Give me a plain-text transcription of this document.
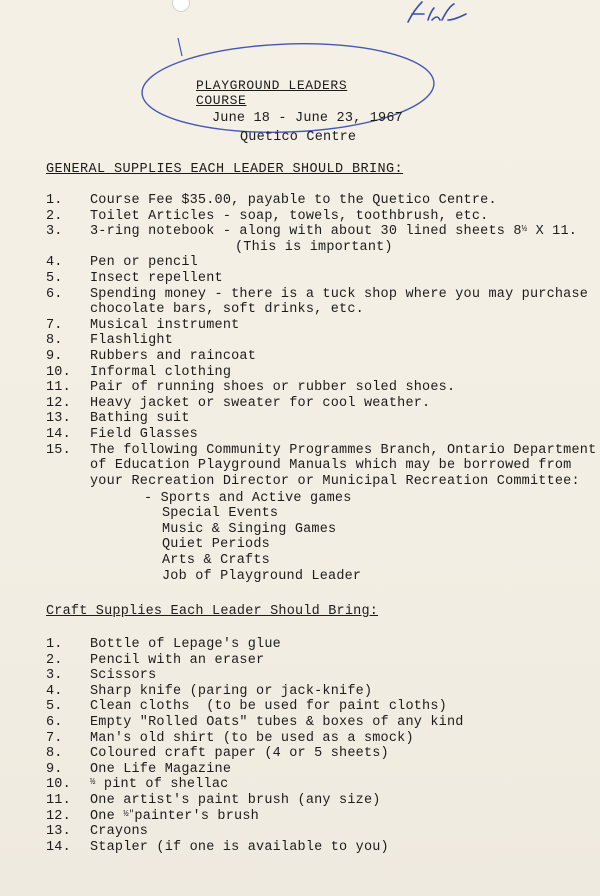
PLAYGROUND LEADERS COURSE
June 18 - June 23, 1967
Quetico Centre
GENERAL SUPPLIES EACH LEADER SHOULD BRING:
1. Course Fee $35.00, payable to the Quetico Centre.
2. Toilet Articles - soap, towels, toothbrush, etc.
3. 3-ring notebook - along with about 30 lined sheets 8½ X 11.
(This is important)
4. Pen or pencil
5. Insect repellent
6. Spending money - there is a tuck shop where you may purchase
chocolate bars, soft drinks, etc.
7. Musical instrument
8. Flashlight
9. Rubbers and raincoat
10. Informal clothing
11. Pair of running shoes or rubber soled shoes.
12. Heavy jacket or sweater for cool weather.
13. Bathing suit
14. Field Glasses
15. The following Community Programmes Branch, Ontario Department
of Education Playground Manuals which may be borrowed from
your Recreation Director or Municipal Recreation Committee:
- Sports and Active games
Special Events
Music & Singing Games
Quiet Periods
Arts & Crafts
Job of Playground Leader
Craft Supplies Each Leader Should Bring:
1. Bottle of Lepage's glue
2. Pencil with an eraser
3. Scissors
4. Sharp knife (paring or jack-knife)
5. Clean cloths  (to be used for paint cloths)
6. Empty "Rolled Oats" tubes & boxes of any kind
7. Man's old shirt (to be used as a smock)
8. Coloured craft paper (4 or 5 sheets)
9. One Life Magazine
10. ½ pint of shellac
11. One artist's paint brush (any size)
12. One ½"painter's brush
13. Crayons
14. Stapler (if one is available to you)
